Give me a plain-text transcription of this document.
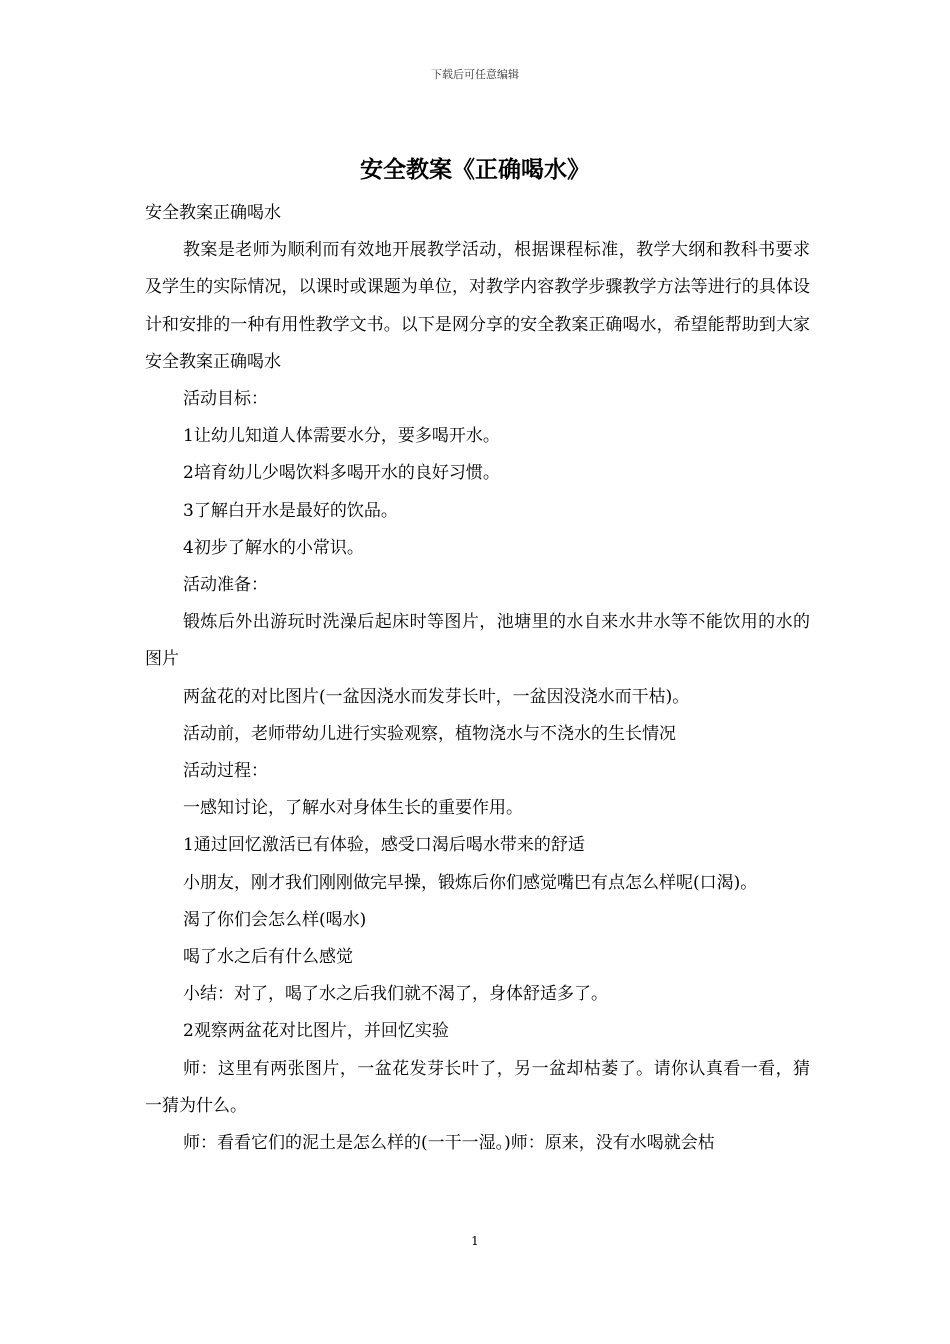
下载后可任意编辑
安全教案《正确喝水》

安全教案正确喝水

教案是老师为顺利而有效地开展教学活动，根据课程标准，教学大纲和教科书要求及学生的实际情况，以课时或课题为单位，对教学内容教学步骤教学方法等进行的具体设计和安排的一种有用性教学文书。以下是网分享的安全教案正确喝水，希望能帮助到大家安全教案正确喝水

活动目标：

1让幼儿知道人体需要水分，要多喝开水。

2培育幼儿少喝饮料多喝开水的良好习惯。

3了解白开水是最好的饮品。

4初步了解水的小常识。

活动准备：

锻炼后外出游玩时洗澡后起床时等图片，池塘里的水自来水井水等不能饮用的水的图片

两盆花的对比图片(一盆因浇水而发芽长叶，一盆因没浇水而干枯)。

活动前，老师带幼儿进行实验观察，植物浇水与不浇水的生长情况

活动过程：

一感知讨论，了解水对身体生长的重要作用。

1通过回忆激活已有体验，感受口渴后喝水带来的舒适

小朋友，刚才我们刚刚做完早操，锻炼后你们感觉嘴巴有点怎么样呢(口渴)。

渴了你们会怎么样(喝水)

喝了水之后有什么感觉

小结：对了，喝了水之后我们就不渴了，身体舒适多了。

2观察两盆花对比图片，并回忆实验

师：这里有两张图片，一盆花发芽长叶了，另一盆却枯萎了。请你认真看一看，猜一猜为什么。

师：看看它们的泥土是怎么样的(一干一湿。)师：原来，没有水喝就会枯

1
